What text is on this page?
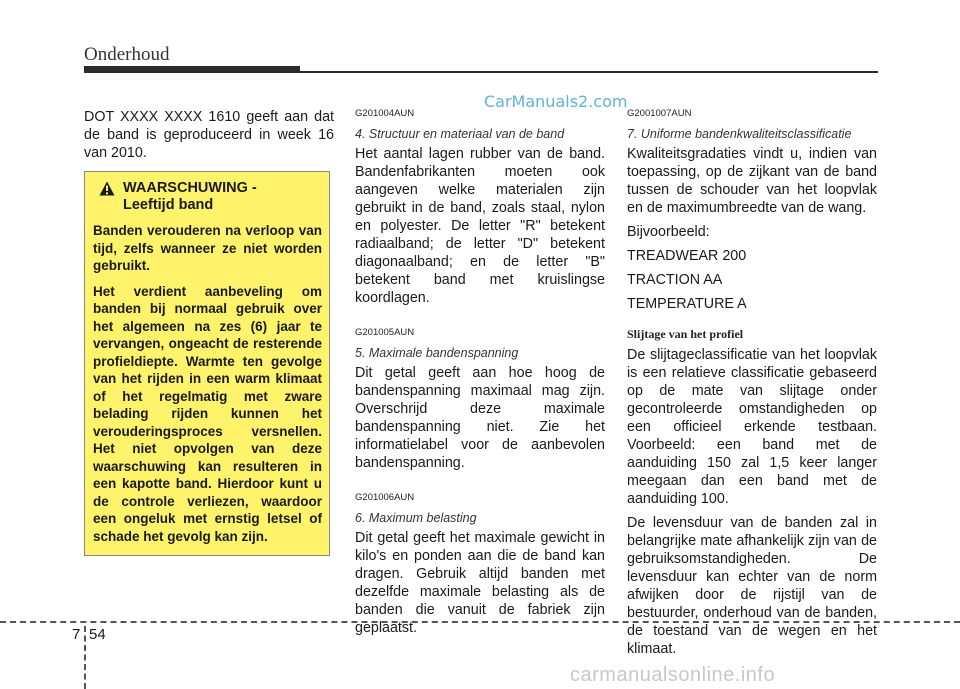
Onderhoud
CarManuals2.com

DOT XXXX XXXX 1610 geeft aan dat de band is geproduceerd in week 16 van 2010.

WAARSCHUWING -
Leeftijd band

Banden verouderen na verloop van tijd, zelfs wanneer ze niet worden gebruikt.

Het verdient aanbeveling om banden bij normaal gebruik over het algemeen na zes (6) jaar te vervangen, ongeacht de resterende profieldiepte. Warmte ten gevolge van het rijden in een warm klimaat of het regelmatig met zware belading rijden kunnen het verouderingsproces versnellen. Het niet opvolgen van deze waarschuwing kan resulteren in een kapotte band. Hierdoor kunt u de controle verliezen, waardoor een ongeluk met ernstig letsel of schade het gevolg kan zijn.

G201004AUN
4. Structuur en materiaal van de band

Het aantal lagen rubber van de band. Bandenfabrikanten moeten ook aangeven welke materialen zijn gebruikt in de band, zoals staal, nylon en polyester. De letter "R" betekent radiaalband; de letter "D" betekent diagonaalband; en de letter "B" betekent band met kruislingse koordlagen.

G201005AUN
5. Maximale bandenspanning

Dit getal geeft aan hoe hoog de bandenspanning maximaal mag zijn. Overschrijd deze maximale bandenspanning niet. Zie het informatielabel voor de aanbevolen bandenspanning.

G201006AUN
6. Maximum belasting

Dit getal geeft het maximale gewicht in kilo's en ponden aan die de band kan dragen. Gebruik altijd banden met dezelfde maximale belasting als de banden die vanuit de fabriek zijn geplaatst.

G2001007AUN
7. Uniforme bandenkwaliteitsclassificatie

Kwaliteitsgradaties vindt u, indien van toepassing, op de zijkant van de band tussen de schouder van het loopvlak en de maximumbreedte van de wang.

Bijvoorbeeld:

TREADWEAR 200

TRACTION AA

TEMPERATURE A

Slijtage van het profiel

De slijtageclassificatie van het loopvlak is een relatieve classificatie gebaseerd op de mate van slijtage onder gecontroleerde omstandigheden op een officieel erkende testbaan. Voorbeeld: een band met de aanduiding 150 zal 1,5 keer langer meegaan dan een band met de aanduiding 100.

De levensduur van de banden zal in belangrijke mate afhankelijk zijn van de gebruiksomstandigheden. De levensduur kan echter van de norm afwijken door de rijstijl van de bestuurder, onderhoud van de banden, de toestand van de wegen en het klimaat.

7 54
carmanualsonline.info
